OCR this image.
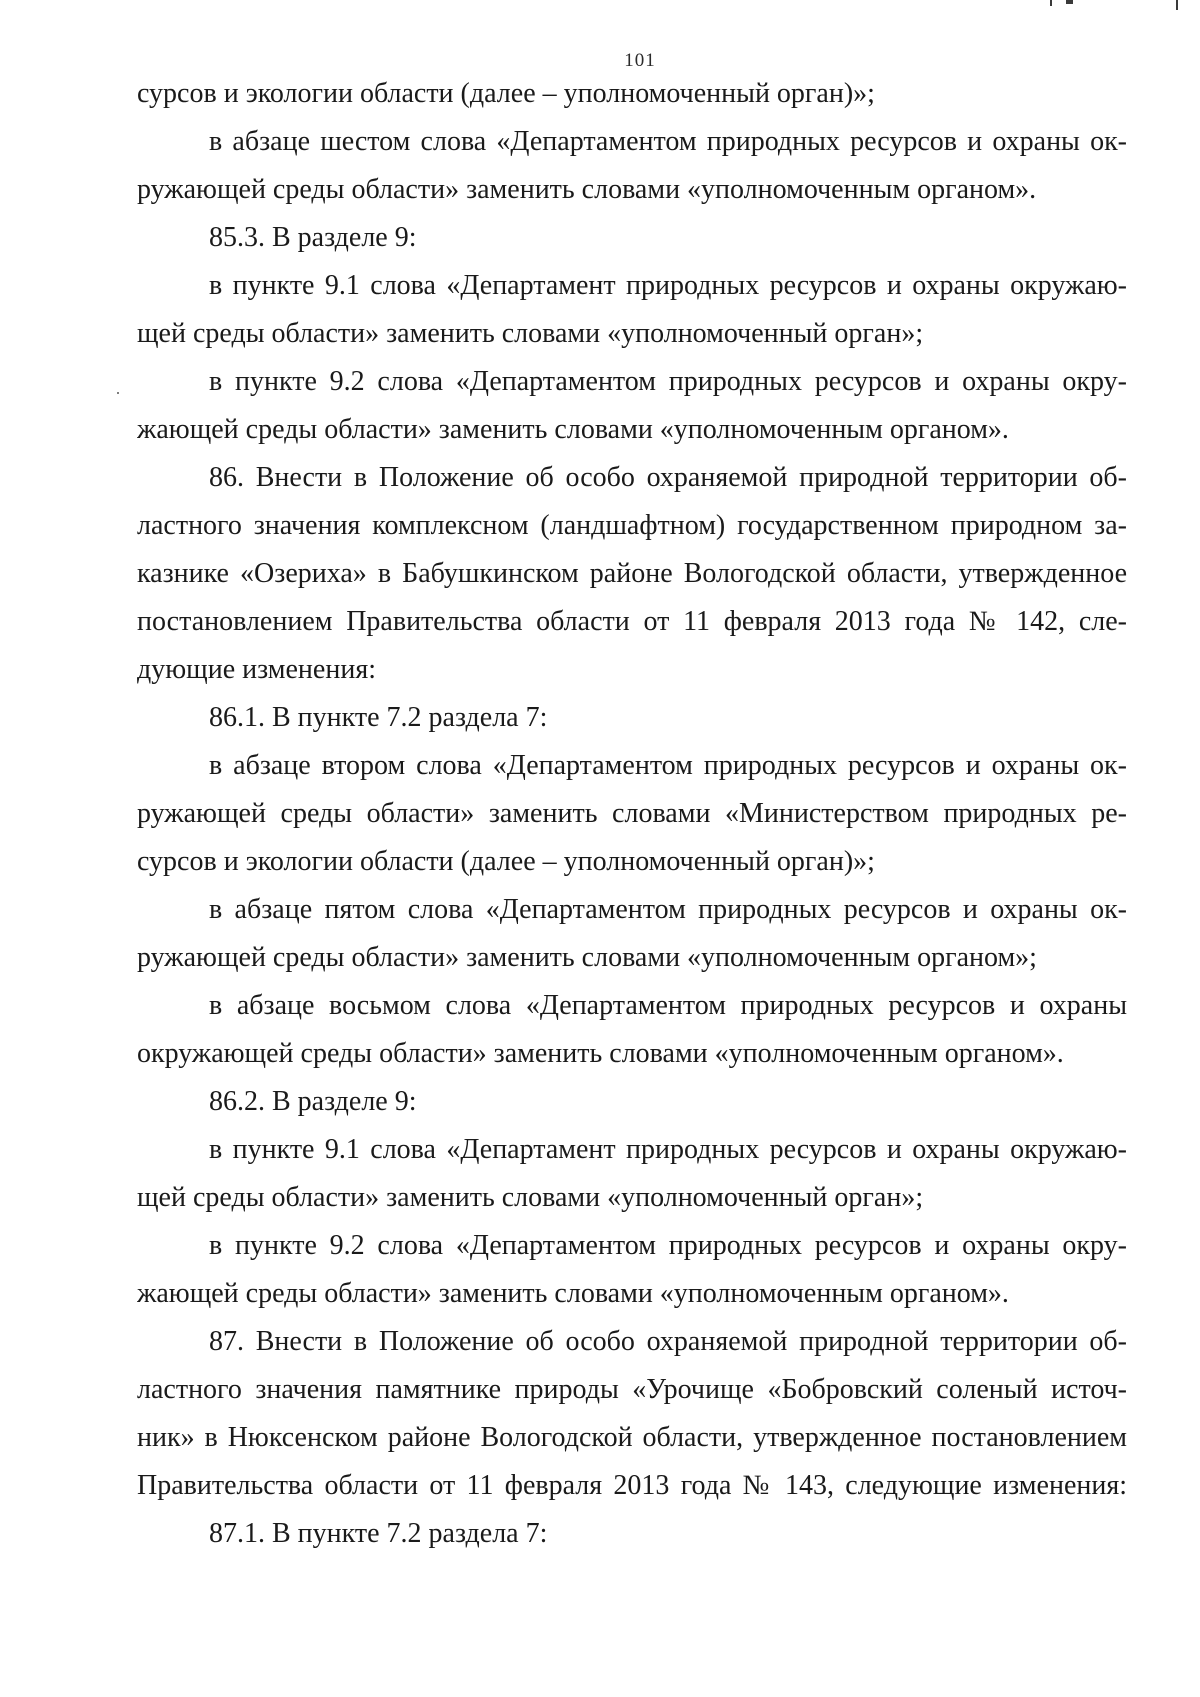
101
сурсов и экологии области (далее – уполномоченный орган)»;
в абзаце шестом слова «Департаментом природных ресурсов и охраны ок-
ружающей среды области» заменить словами «уполномоченным органом».
85.3. В разделе 9:
в пункте 9.1 слова «Департамент природных ресурсов и охраны окружаю-
щей среды области» заменить словами «уполномоченный орган»;
в пункте 9.2 слова «Департаментом природных ресурсов и охраны окру-
жающей среды области» заменить словами «уполномоченным органом».
86. Внести в Положение об особо охраняемой природной территории об-
ластного значения комплексном (ландшафтном) государственном природном за-
казнике «Озериха» в Бабушкинском районе Вологодской области, утвержденное
постановлением Правительства области от 11 февраля 2013 года № 142, сле-
дующие изменения:
86.1. В пункте 7.2 раздела 7:
в абзаце втором слова «Департаментом природных ресурсов и охраны ок-
ружающей среды области» заменить словами «Министерством природных ре-
сурсов и экологии области (далее – уполномоченный орган)»;
в абзаце пятом слова «Департаментом природных ресурсов и охраны ок-
ружающей среды области» заменить словами «уполномоченным органом»;
в абзаце восьмом слова «Департаментом природных ресурсов и охраны
окружающей среды области» заменить словами «уполномоченным органом».
86.2. В разделе 9:
в пункте 9.1 слова «Департамент природных ресурсов и охраны окружаю-
щей среды области» заменить словами «уполномоченный орган»;
в пункте 9.2 слова «Департаментом природных ресурсов и охраны окру-
жающей среды области» заменить словами «уполномоченным органом».
87. Внести в Положение об особо охраняемой природной территории об-
ластного значения памятнике природы «Урочище «Бобровский соленый источ-
ник» в Нюксенском районе Вологодской области, утвержденное постановлением
Правительства области от 11 февраля 2013 года № 143, следующие изменения:
87.1. В пункте 7.2 раздела 7:
